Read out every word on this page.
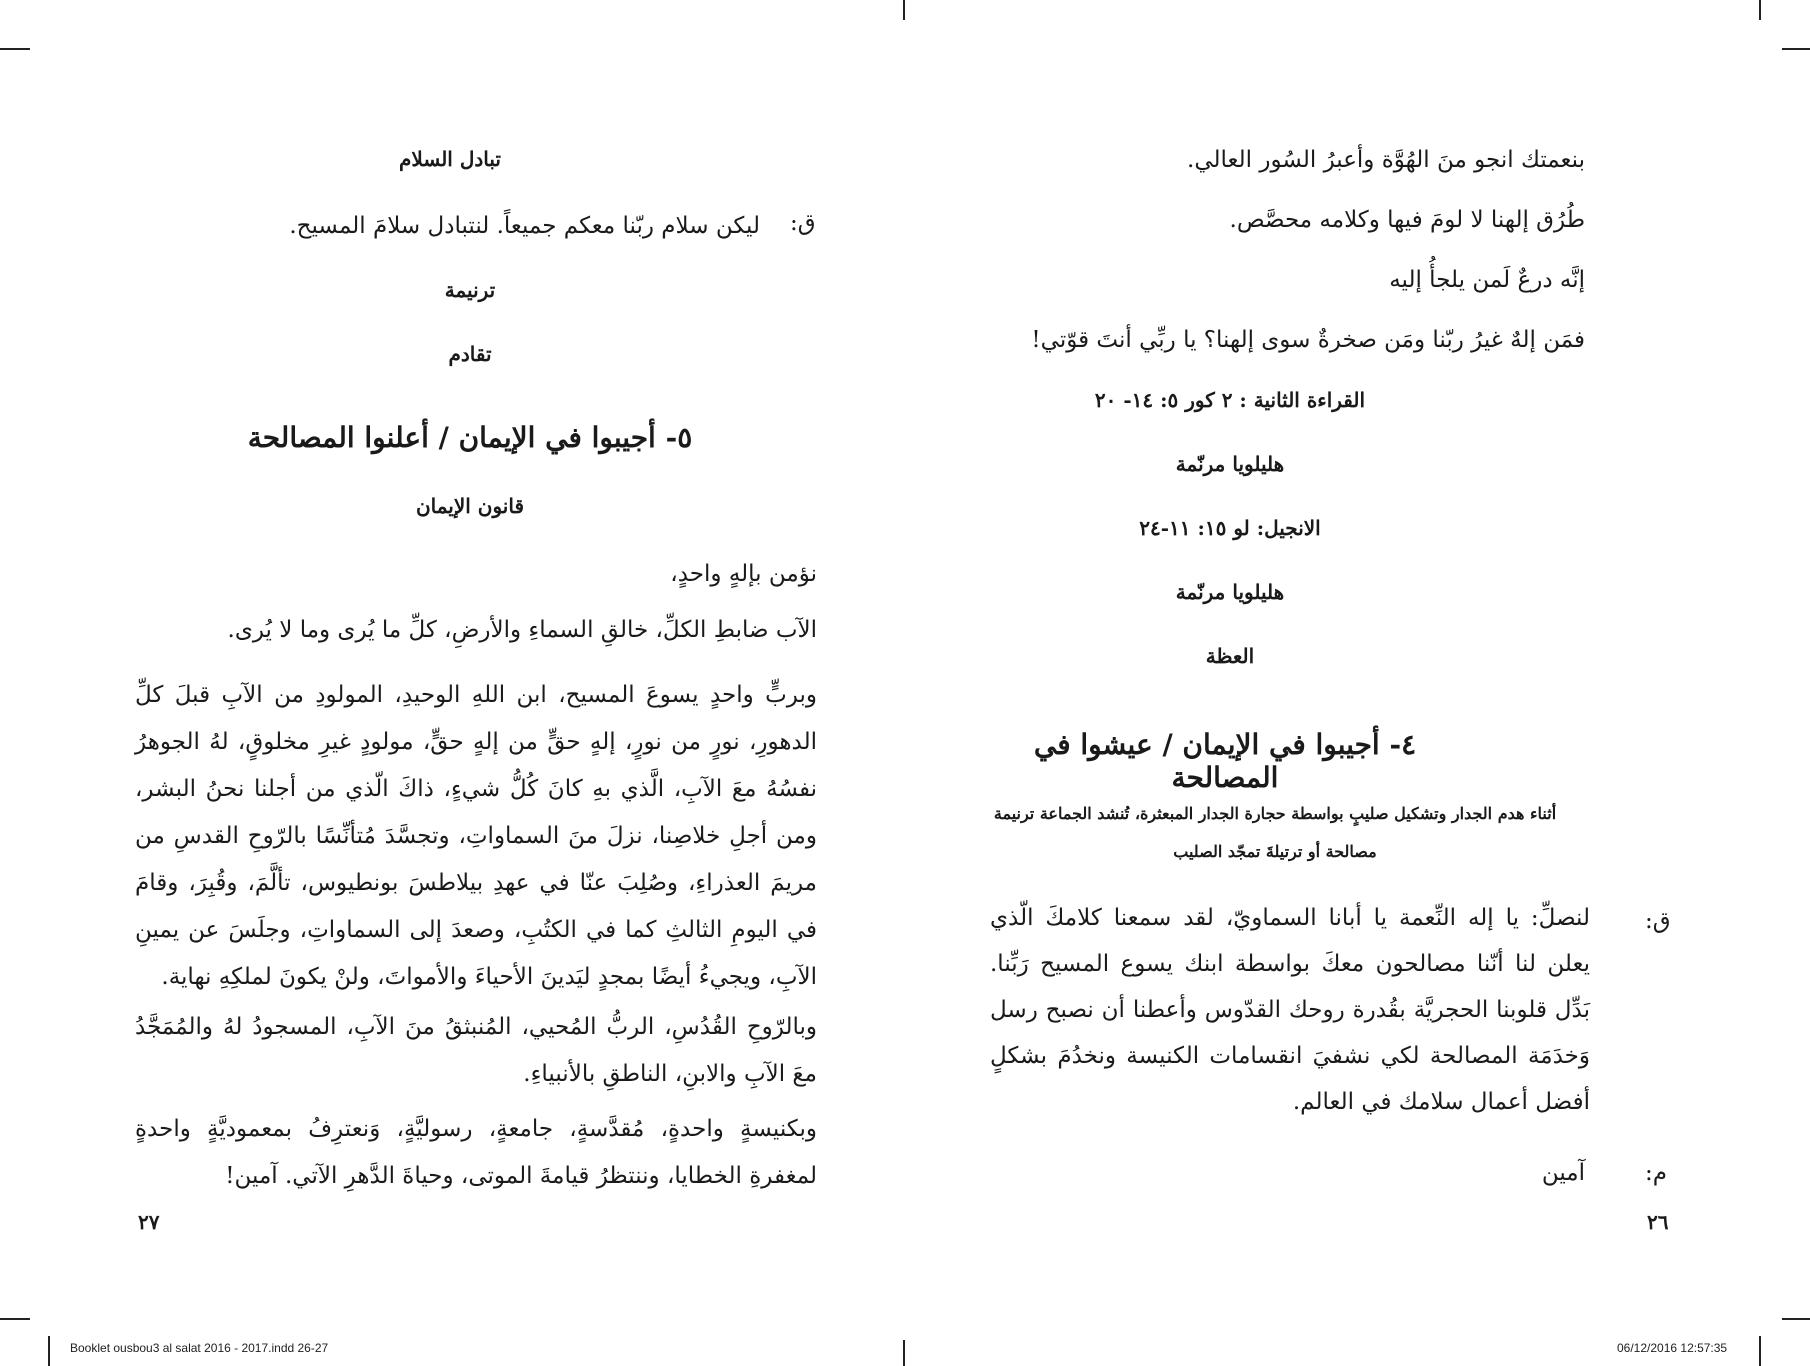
تبادل السلام
ق:
ليكن سلام ربّنا معكم جميعاً. لنتبادل سلامَ المسيح.
ترنيمة
تقادم
٥- أجيبوا في الإيمان / أعلنوا المصالحة
قانون الإيمان
نؤمن بإلهٍ واحدٍ،
الآب ضابطِ الكلِّ، خالقِ السماءِ والأرضِ، كلِّ ما يُرى وما لا يُرى.
وبربٍّ واحدٍ يسوعَ المسيح، ابن اللهِ الوحيدِ، المولودِ من الآبِ قبلَ كلِّ الدهورِ، نورٍ من نورٍ، إلهٍ حقٍّ من إلهٍ حقٍّ، مولودٍ غيرِ مخلوقٍ، لهُ الجوهرُ نفسُهُ معَ الآبِ، الَّذي بهِ كانَ كُلُّ شيءٍ، ذاكَ الّذي من أجلنا نحنُ البشر، ومن أجلِ خلاصِنا، نزلَ منَ السماواتِ، وتجسَّدَ مُتأنِّسًا بالرّوحِ القدسِ من مريمَ العذراءِ، وصُلِبَ عنّا في عهدِ بيلاطسَ بونطيوس، تألَّمَ، وقُبِرَ، وقامَ في اليومِ الثالثِ كما في الكتُبِ، وصعدَ إلى السماواتِ، وجلَسَ عن يمينِ الآبِ، ويجيءُ أيضًا بمجدٍ ليَدينَ الأحياءَ والأمواتَ، ولنْ يكونَ لملكِهِ نهاية.
وبالرّوحِ القُدُسِ، الربُّ المُحيي، المُنبثقُ منَ الآبِ، المسجودُ لهُ والمُمَجَّدُ معَ الآبِ والابنِ، الناطقِ بالأنبياءِ.
وبكنيسةٍ واحدةٍ، مُقدَّسةٍ، جامعةٍ، رسوليَّةٍ، وَنعترِفُ بمعموديَّةٍ واحدةٍ لمغفرةِ الخطايا، وننتظرُ قيامةَ الموتى، وحياةَ الدَّهرِ الآتي. آمين!
٢٧
بنعمتك انجو منَ الهُوَّة وأعبرُ السُور العالي.
طُرُق إلهنا لا لومَ فيها وكلامه محصَّص.
إنَّه درعٌ لَمن يلجأُ إليه
فمَن إلهٌ غيرُ ربّنا ومَن صخرةٌ سوى إلهنا؟ يا ربِّي أنتَ قوّتي!
القراءة الثانية : ٢ كور ٥: ١٤- ٢٠
هليلويا مرنّمة
الانجيل: لو ١٥: ١١-٢٤
هليلويا مرنّمة
العظة
٤- أجيبوا في الإيمان / عيشوا في المصالحة
أثناء هدم الجدار وتشكيل صليبٍ بواسطة حجارة الجدار المبعثرة، تُنشد الجماعة ترنيمة مصالحة أو ترتيلةَ تمجّد الصليب
ق:
لنصلِّ: يا إله النِّعمة يا أبانا السماويّ، لقد سمعنا كلامكَ الّذي يعلن لنا أنّنا مصالحون معكَ بواسطة ابنك يسوع المسيح رَبِّنا. بَدِّل قلوبنا الحجريَّة بقُدرة روحك القدّوس وأعطنا أن نصبح رسل وَخدَمَة المصالحة لكي نشفيَ انقسامات الكنيسة ونخدُمَ بشكلٍ أفضل أعمال سلامك في العالم.
م:
آمين
٢٦
Booklet ousbou3 al salat 2016 - 2017.indd 26-27	06/12/2016 12:57:35
